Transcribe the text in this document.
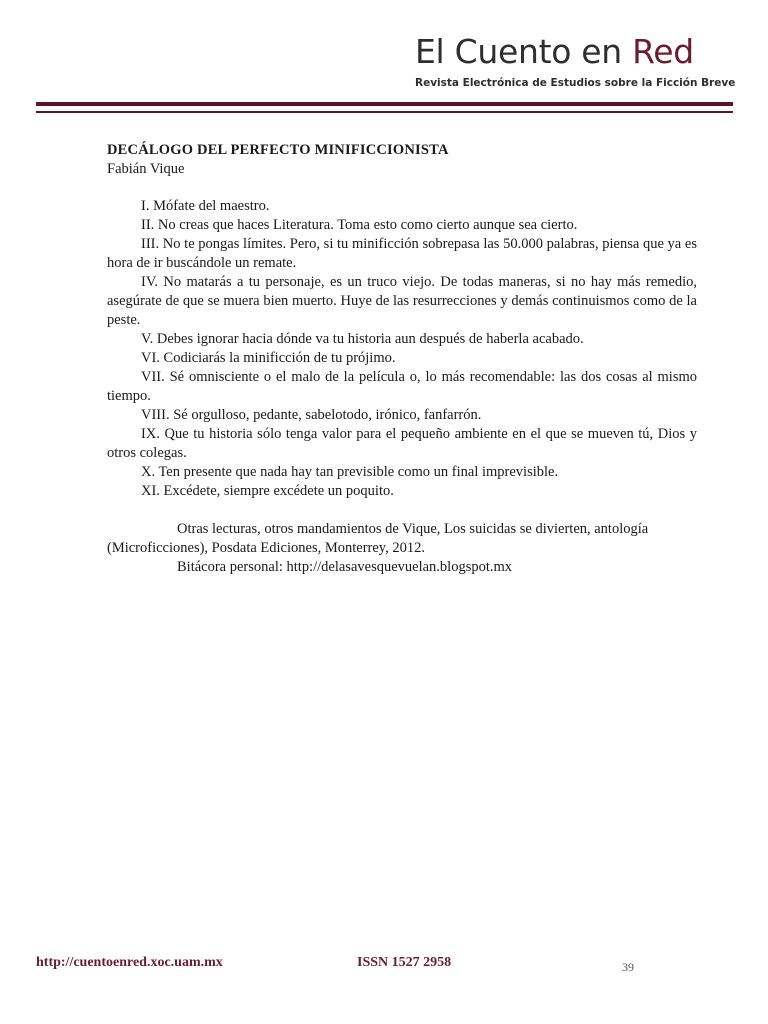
El Cuento en Red
Revista Electrónica de Estudios sobre la Ficción Breve
DECÁLOGO DEL PERFECTO MINIFICCIONISTA
Fabián Vique

I. Mófate del maestro.

II. No creas que haces Literatura. Toma esto como cierto aunque sea cierto.

III. No te pongas límites. Pero, si tu minificción sobrepasa las 50.000 palabras, piensa que ya es hora de ir buscándole un remate.

IV. No matarás a tu personaje, es un truco viejo. De todas maneras, si no hay más remedio, asegúrate de que se muera bien muerto. Huye de las resurrecciones y demás continuismos como de la peste.

V. Debes ignorar hacia dónde va tu historia aun después de haberla acabado.

VI. Codiciarás la minificción de tu prójimo.

VII. Sé omnisciente o el malo de la película o, lo más recomendable: las dos cosas al mismo tiempo.

VIII. Sé orgulloso, pedante, sabelotodo, irónico, fanfarrón.

IX. Que tu historia sólo tenga valor para el pequeño ambiente en el que se mueven tú, Dios y otros colegas.

X. Ten presente que nada hay tan previsible como un final imprevisible.

XI. Excédete, siempre excédete un poquito.

Otras lecturas, otros mandamientos de Vique, Los suicidas se divierten, antología (Microficciones), Posdata Ediciones, Monterrey, 2012.

Bitácora personal: http://delasavesquevuelan.blogspot.mx

http://cuentoenred.xoc.uam.mx	ISSN 1527 2958	39
